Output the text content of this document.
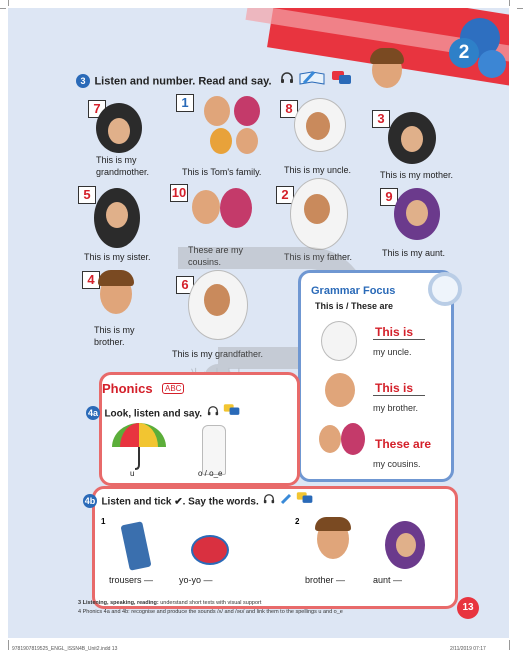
2
3 Listen and number. Read and say.
7
This is my
grandmother.
1
This is Tom's family.
8
This is my uncle.
3
This is my mother.
5
This is my sister.
10
These are my
cousins.
2
This is my father.
9
This is my aunt.
4
This is my
brother.
6
This is my grandfather.
Grammar Focus
This is / These are
This is
my uncle.
This is
my brother.
These are
my cousins.
Phonics	ABC
4a Look, listen and say.
u	o / o_e
4b Listen and tick ✔. Say the words.
1	2
trousers —	yo-yo —	brother —	aunt —
3 Listening, speaking, reading: understand short texts with visual support
4 Phonics 4a and 4b: recognise and produce the sounds /ʌ/ and /əʊ/ and link them to the spellings u and o_e	13
9781907819525_ENGL_ISSN4B_Unit2.indd 13	2/11/2019 07:17
